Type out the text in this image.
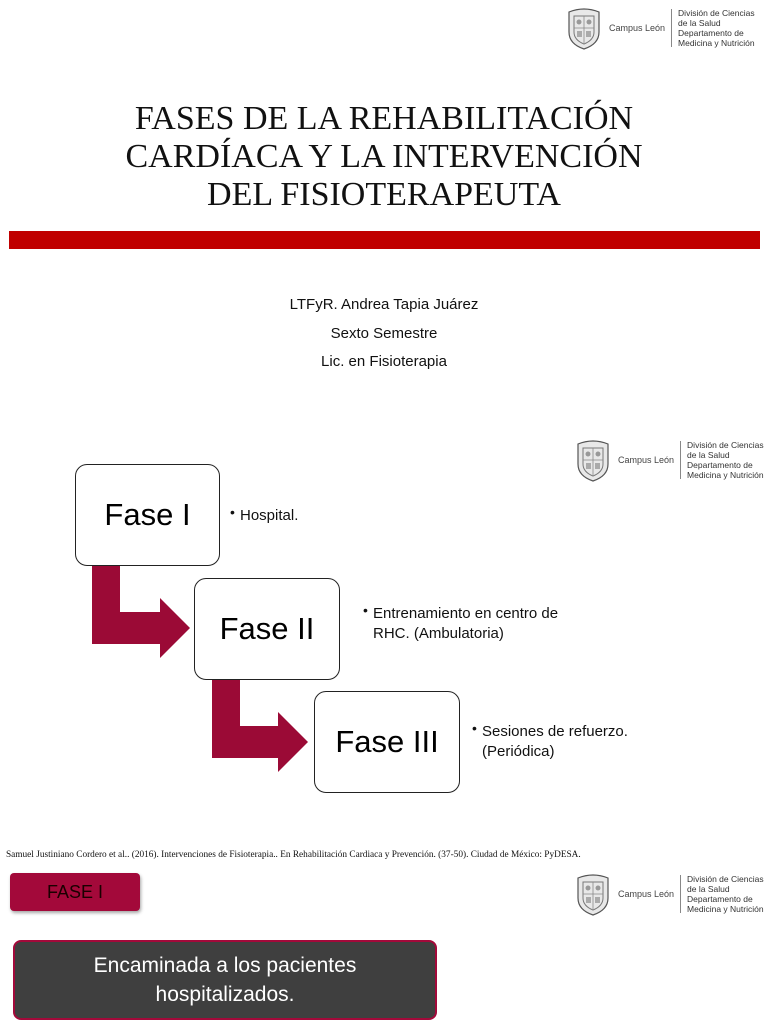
Campus León
División de Ciencias
de la Salud
Departamento de
Medicina y Nutrición
FASES DE LA REHABILITACIÓN
CARDÍACA Y LA INTERVENCIÓN
DEL FISIOTERAPEUTA
LTFyR. Andrea Tapia Juárez
Sexto Semestre
Lic. en Fisioterapia
Campus León
División de Ciencias
de la Salud
Departamento de
Medicina y Nutrición
Fase I
Fase II
Fase III
• Hospital.
• Entrenamiento en centro de
RHC. (Ambulatoria)
• Sesiones de refuerzo.
(Periódica)
Samuel Justiniano Cordero et al.. (2016). Intervenciones de Fisioterapia.. En Rehabilitación Cardiaca y Prevención. (37-50). Ciudad de México: PyDESA.
Campus León
División de Ciencias
de la Salud
Departamento de
Medicina y Nutrición
FASE I
Encaminada a los pacientes
hospitalizados.
